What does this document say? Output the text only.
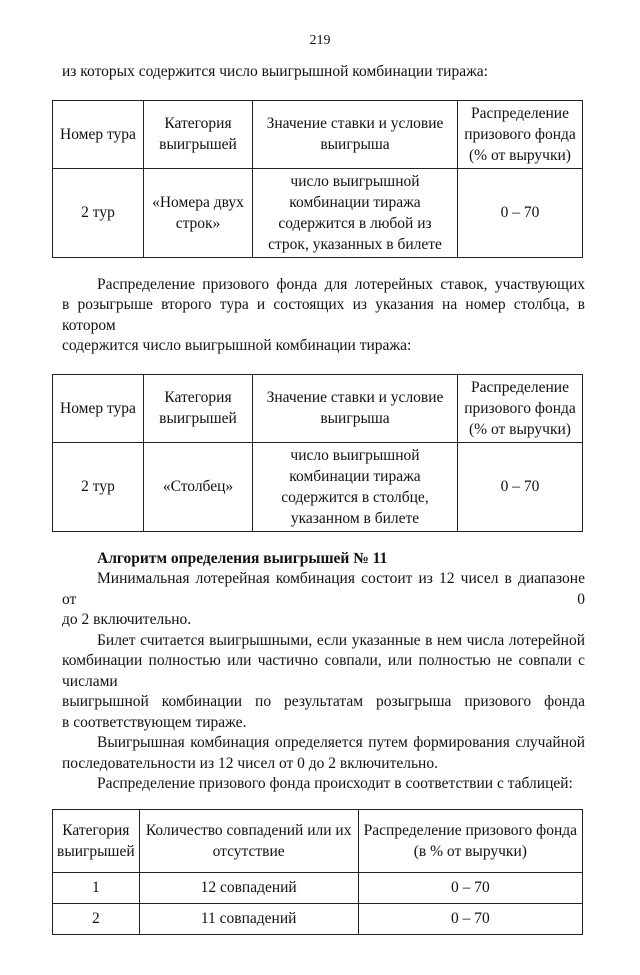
219
из которых содержится число выигрышной комбинации тиража:
Номер тура	Категория выигрышей	Значение ставки и условие выигрыша	Распределение призового фонда (% от выручки)
2 тур	«Номера двух строк»	число выигрышной комбинации тиража содержится в любой из строк, указанных в билете	0 – 70
Распределение призового фонда для лотерейных ставок, участвующих
в розыгрыше второго тура и состоящих из указания на номер столбца, в котором
содержится число выигрышной комбинации тиража:
Номер тура	Категория выигрышей	Значение ставки и условие выигрыша	Распределение призового фонда (% от выручки)
2 тур	«Столбец»	число выигрышной комбинации тиража содержится в столбце, указанном в билете	0 – 70
Алгоритм определения выигрышей № 11
Минимальная лотерейная комбинация состоит из 12 чисел в диапазоне от 0
до 2 включительно.
Билет считается выигрышными, если указанные в нем числа лотерейной
комбинации полностью или частично совпали, или полностью не совпали с числами
выигрышной комбинации по результатам розыгрыша призового фонда
в соответствующем тираже.
Выигрышная комбинация определяется путем формирования случайной
последовательности из 12 чисел от 0 до 2 включительно.
Распределение призового фонда происходит в соответствии с таблицей:
Категория выигрышей	Количество совпадений или их отсутствие	Распределение призового фонда (в % от выручки)
1	12 совпадений	0 – 70
2	11 совпадений	0 – 70
